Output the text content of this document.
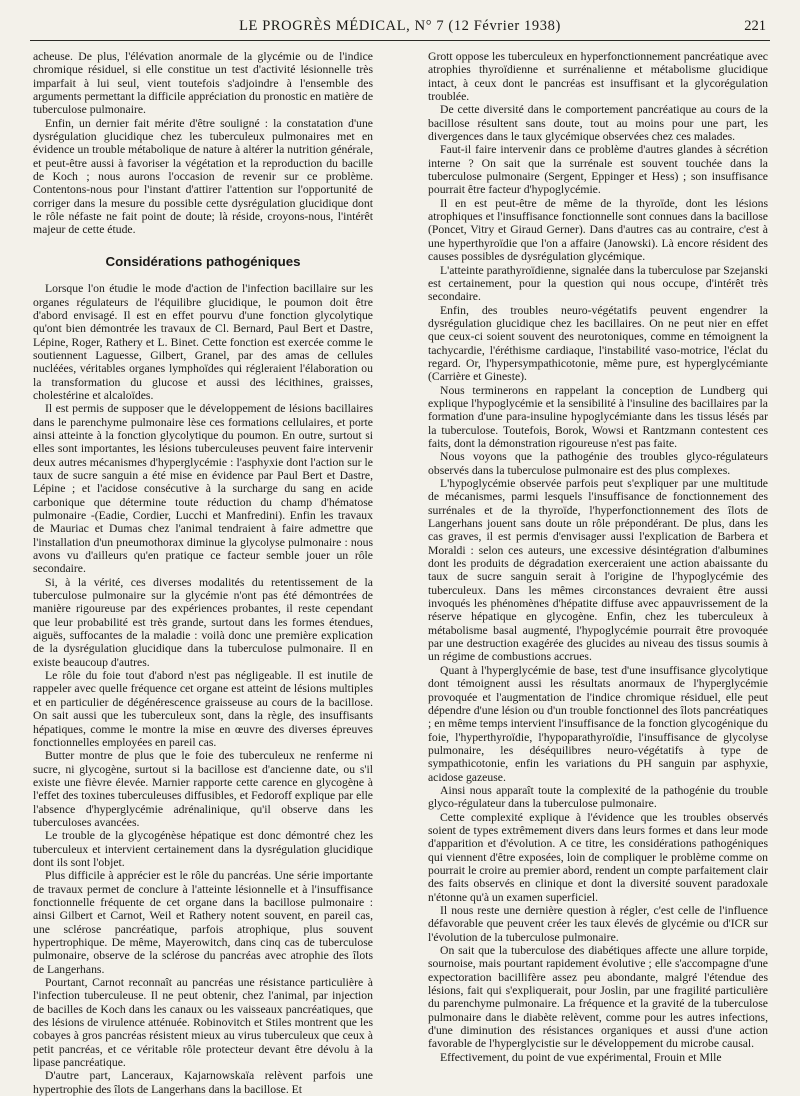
LE PROGRÈS MÉDICAL, N° 7 (12 Février 1938)	221

acheuse. De plus, l'élévation anormale de la glycémie ou de l'indice chromique résiduel, si elle constitue un test d'activité lésionnelle très imparfait à lui seul, vient toutefois s'adjoindre à l'ensemble des arguments permettant la difficile appréciation du pronostic en matière de tuberculose pulmonaire.

Enfin, un dernier fait mérite d'être souligné : la constatation d'une dysrégulation glucidique chez les tuberculeux pulmonaires met en évidence un trouble métabolique de nature à altérer la nutrition générale, et peut-être aussi à favoriser la végétation et la reproduction du bacille de Koch ; nous aurons l'occasion de revenir sur ce problème. Contentons-nous pour l'instant d'attirer l'attention sur l'opportunité de corriger dans la mesure du possible cette dysrégulation glucidique dont le rôle néfaste ne fait point de doute; là réside, croyons-nous, l'intérêt majeur de cette étude.

Considérations pathogéniques

Lorsque l'on étudie le mode d'action de l'infection bacillaire sur les organes régulateurs de l'équilibre glucidique, le poumon doit être d'abord envisagé. Il est en effet pourvu d'une fonction glycolytique qu'ont bien démontrée les travaux de Cl. Bernard, Paul Bert et Dastre, Lépine, Roger, Rathery et L. Binet. Cette fonction est exercée comme le soutiennent Laguesse, Gilbert, Granel, par des amas de cellules nucléées, véritables organes lymphoïdes qui régleraient l'élaboration ou la transformation du glucose et aussi des lécithines, graisses, cholestérine et alcaloïdes.

Il est permis de supposer que le développement de lésions bacillaires dans le parenchyme pulmonaire lèse ces formations cellulaires, et porte ainsi atteinte à la fonction glycolytique du poumon. En outre, surtout si elles sont importantes, les lésions tuberculeuses peuvent faire intervenir deux autres mécanismes d'hyperglycémie : l'asphyxie dont l'action sur le taux de sucre sanguin a été mise en évidence par Paul Bert et Dastre, Lépine ; et l'acidose consécutive à la surcharge du sang en acide carbonique que détermine toute réduction du champ d'hématose pulmonaire -(Eadie, Cordier, Lucchi et Manfredini). Enfin les travaux de Mauriac et Dumas chez l'animal tendraient à faire admettre que l'installation d'un pneumothorax diminue la glycolyse pulmonaire : nous avons vu d'ailleurs qu'en pratique ce facteur semble jouer un rôle secondaire.

Si, à la vérité, ces diverses modalités du retentissement de la tuberculose pulmonaire sur la glycémie n'ont pas été démontrées de manière rigoureuse par des expériences probantes, il reste cependant que leur probabilité est très grande, surtout dans les formes étendues, aiguës, suffocantes de la maladie : voilà donc une première explication de la dysrégulation glucidique dans la tuberculose pulmonaire. Il en existe beaucoup d'autres.

Le rôle du foie tout d'abord n'est pas négligeable. Il est inutile de rappeler avec quelle fréquence cet organe est atteint de lésions multiples et en particulier de dégénérescence graisseuse au cours de la bacillose. On sait aussi que les tuberculeux sont, dans la règle, des insuffisants hépatiques, comme le montre la mise en œuvre des diverses épreuves fonctionnelles employées en pareil cas.

Butter montre de plus que le foie des tuberculeux ne renferme ni sucre, ni glycogène, surtout si la bacillose est d'ancienne date, ou s'il existe une fièvre élevée. Marnier rapporte cette carence en glycogène à l'effet des toxines tuberculeuses diffusibles, et Fedoroff explique par elle l'absence d'hyperglycémie adrénalinique, qu'il observe dans les tuberculoses avancées.

Le trouble de la glycogénèse hépatique est donc démontré chez les tuberculeux et intervient certainement dans la dysrégulation glucidique dont ils sont l'objet.

Plus difficile à apprécier est le rôle du pancréas. Une série importante de travaux permet de conclure à l'atteinte lésionnelle et à l'insuffisance fonctionnelle fréquente de cet organe dans la bacillose pulmonaire : ainsi Gilbert et Carnot, Weil et Rathery notent souvent, en pareil cas, une sclérose pancréatique, parfois atrophique, plus souvent hypertrophique. De même, Mayerowitch, dans cinq cas de tuberculose pulmonaire, observe de la sclérose du pancréas avec atrophie des îlots de Langerhans.

Pourtant, Carnot reconnaît au pancréas une résistance particulière à l'infection tuberculeuse. Il ne peut obtenir, chez l'animal, par injection de bacilles de Koch dans les canaux ou les vaisseaux pancréatiques, que des lésions de virulence atténuée. Robinovitch et Stiles montrent que les cobayes à gros pancréas résistent mieux au virus tuberculeux que ceux à petit pancréas, et ce véritable rôle protecteur devant être dévolu à la lipase pancréatique.

D'autre part, Lanceraux, Kajarnowskaïa relèvent parfois une hypertrophie des îlots de Langerhans dans la bacillose. Et

Grott oppose les tuberculeux en hyperfonctionnement pancréatique avec atrophies thyroïdienne et surrénalienne et métabolisme glucidique intact, à ceux dont le pancréas est insuffisant et la glycorégulation troublée.

De cette diversité dans le comportement pancréatique au cours de la bacillose résultent sans doute, tout au moins pour une part, les divergences dans le taux glycémique observées chez ces malades.

Faut-il faire intervenir dans ce problème d'autres glandes à sécrétion interne ? On sait que la surrénale est souvent touchée dans la tuberculose pulmonaire (Sergent, Eppinger et Hess) ; son insuffisance pourrait être facteur d'hypoglycémie.

Il en est peut-être de même de la thyroïde, dont les lésions atrophiques et l'insuffisance fonctionnelle sont connues dans la bacillose (Poncet, Vitry et Giraud Gerner). Dans d'autres cas au contraire, c'est à une hyperthyroïdie que l'on a affaire (Janowski). Là encore résident des causes possibles de dysrégulation glycémique.

L'atteinte parathyroïdienne, signalée dans la tuberculose par Szejanski est certainement, pour la question qui nous occupe, d'intérêt très secondaire.

Enfin, des troubles neuro-végétatifs peuvent engendrer la dysrégulation glucidique chez les bacillaires. On ne peut nier en effet que ceux-ci soient souvent des neurotoniques, comme en témoignent la tachycardie, l'éréthisme cardiaque, l'instabilité vaso-motrice, l'éclat du regard. Or, l'hypersympathicotonie, même pure, est hyperglycémiante (Carrière et Gineste).

Nous terminerons en rappelant la conception de Lundberg qui explique l'hypoglycémie et la sensibilité à l'insuline des bacillaires par la formation d'une para-insuline hypoglycémiante dans les tissus lésés par la tuberculose. Toutefois, Borok, Wowsi et Rantzmann contestent ces faits, dont la démonstration rigoureuse n'est pas faite.

Nous voyons que la pathogénie des troubles glyco-régulateurs observés dans la tuberculose pulmonaire est des plus complexes.

L'hypoglycémie observée parfois peut s'expliquer par une multitude de mécanismes, parmi lesquels l'insuffisance de fonctionnement des surrénales et de la thyroïde, l'hyperfonctionnement des îlots de Langerhans jouent sans doute un rôle prépondérant. De plus, dans les cas graves, il est permis d'envisager aussi l'explication de Barbera et Moraldi : selon ces auteurs, une excessive désintégration d'albumines dont les produits de dégradation exerceraient une action abaissante du taux de sucre sanguin serait à l'origine de l'hypoglycémie des tuberculeux. Dans les mêmes circonstances devraient être aussi invoqués les phénomènes d'hépatite diffuse avec appauvrissement de la réserve hépatique en glycogène. Enfin, chez les tuberculeux à métabolisme basal augmenté, l'hypoglycémie pourrait être provoquée par une destruction exagérée des glucides au niveau des tissus soumis à un régime de combustions accrues.

Quant à l'hyperglycémie de base, test d'une insuffisance glycolytique dont témoignent aussi les résultats anormaux de l'hyperglycémie provoquée et l'augmentation de l'indice chromique résiduel, elle peut dépendre d'une lésion ou d'un trouble fonctionnel des îlots pancréatiques ; en même temps intervient l'insuffisance de la fonction glycogénique du foie, l'hyperthyroïdie, l'hypoparathyroïdie, l'insuffisance de glycolyse pulmonaire, les déséquilibres neuro-végétatifs à type de sympathicotonie, enfin les variations du PH sanguin par asphyxie, acidose gazeuse.

Ainsi nous apparaît toute la complexité de la pathogénie du trouble glyco-régulateur dans la tuberculose pulmonaire.

Cette complexité explique à l'évidence que les troubles observés soient de types extrêmement divers dans leurs formes et dans leur mode d'apparition et d'évolution. A ce titre, les considérations pathogéniques qui viennent d'être exposées, loin de compliquer le problème comme on pourrait le croire au premier abord, rendent un compte parfaitement clair des faits observés en clinique et dont la diversité souvent paradoxale n'étonne qu'à un examen superficiel.

Il nous reste une dernière question à régler, c'est celle de l'influence défavorable que peuvent créer les taux élevés de glycémie ou d'ICR sur l'évolution de la tuberculose pulmonaire.

On sait que la tuberculose des diabétiques affecte une allure torpide, sournoise, mais pourtant rapidement évolutive ; elle s'accompagne d'une expectoration bacillifère assez peu abondante, malgré l'étendue des lésions, fait qui s'expliquerait, pour Joslin, par une fragilité particulière du parenchyme pulmonaire. La fréquence et la gravité de la tuberculose pulmonaire dans le diabète relèvent, comme pour les autres infections, d'une diminution des résistances organiques et aussi d'une action favorable de l'hyperglycistie sur le développement du microbe causal.

Effectivement, du point de vue expérimental, Frouin et Mlle
